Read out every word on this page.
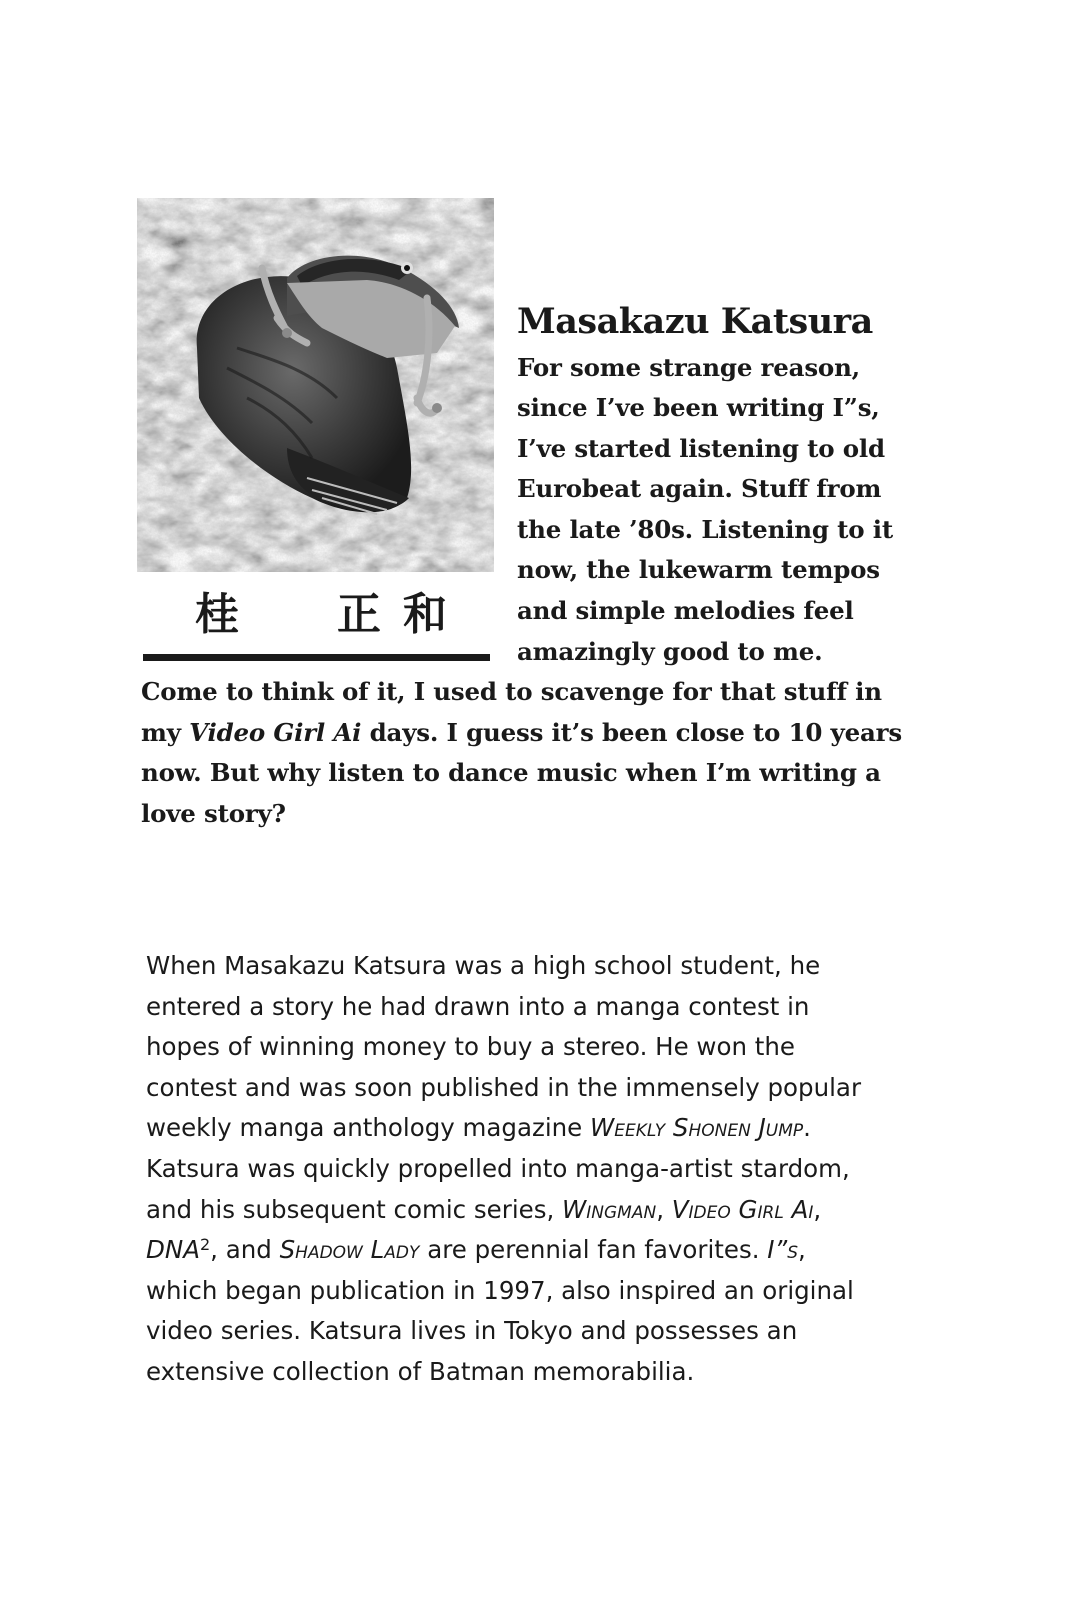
桂 正 和
Masakazu Katsura
For some strange reason,
since I’ve been writing I”s,
I’ve started listening to old
Eurobeat again. Stuff from
the late ’80s. Listening to it
now, the lukewarm tempos
and simple melodies feel
amazingly good to me.
Come to think of it, I used to scavenge for that stuff in
my Video Girl Ai days. I guess it’s been close to 10 years
now. But why listen to dance music when I’m writing a
love story?
When Masakazu Katsura was a high school student, he
entered a story he had drawn into a manga contest in
hopes of winning money to buy a stereo. He won the
contest and was soon published in the immensely popular
weekly manga anthology magazine Weekly Shonen Jump.
Katsura was quickly propelled into manga-artist stardom,
and his subsequent comic series, Wingman, Video Girl Ai,
DNA$^2$, and Shadow Lady are perennial fan favorites. I”s,
which began publication in 1997, also inspired an original
video series. Katsura lives in Tokyo and possesses an
extensive collection of Batman memorabilia.
